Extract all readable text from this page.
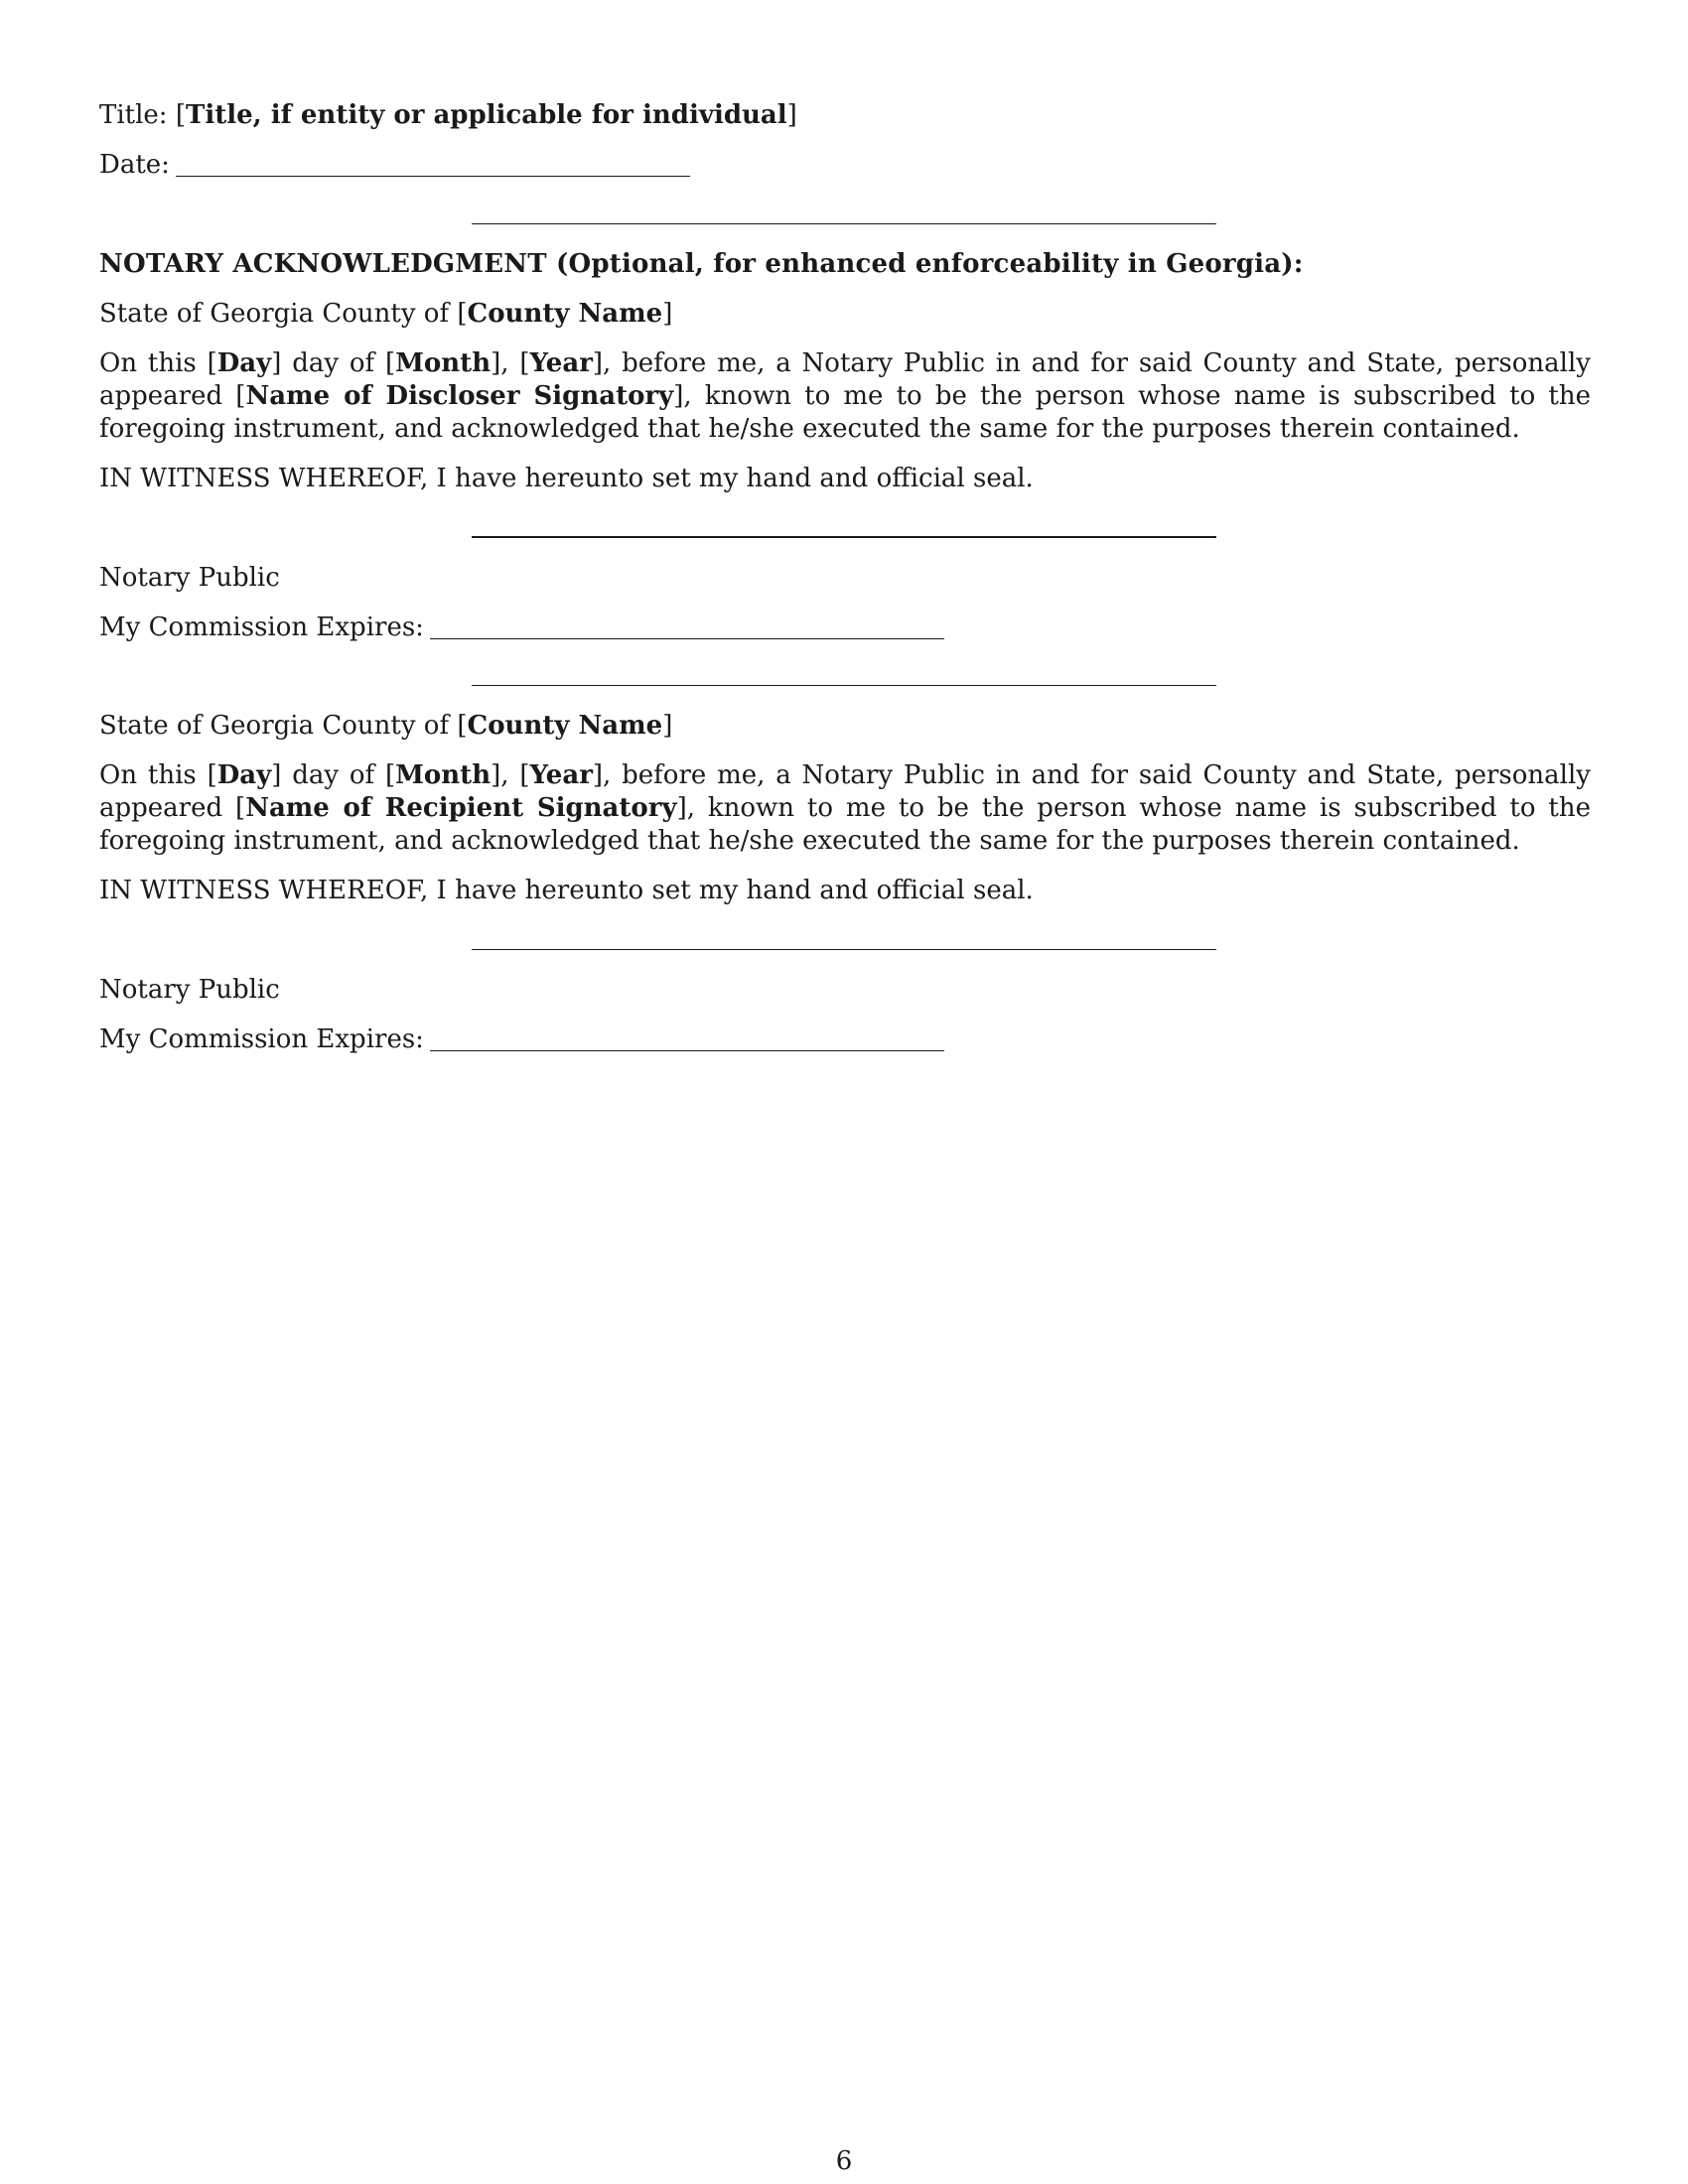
Title: [Title, if entity or applicable for individual]
Date:
NOTARY ACKNOWLEDGMENT (Optional, for enhanced enforceability in Georgia):
State of Georgia County of [County Name]
On this [Day] day of [Month], [Year], before me, a Notary Public in and for said County and State, personally appeared [Name of Discloser Signatory], known to me to be the person whose name is subscribed to the foregoing instrument, and acknowledged that he/she executed the same for the purposes therein contained.
IN WITNESS WHEREOF, I have hereunto set my hand and official seal.
Notary Public
My Commission Expires:
State of Georgia County of [County Name]
On this [Day] day of [Month], [Year], before me, a Notary Public in and for said County and State, personally appeared [Name of Recipient Signatory], known to me to be the person whose name is subscribed to the foregoing instrument, and acknowledged that he/she executed the same for the purposes therein contained.
IN WITNESS WHEREOF, I have hereunto set my hand and official seal.
Notary Public
My Commission Expires:
6
